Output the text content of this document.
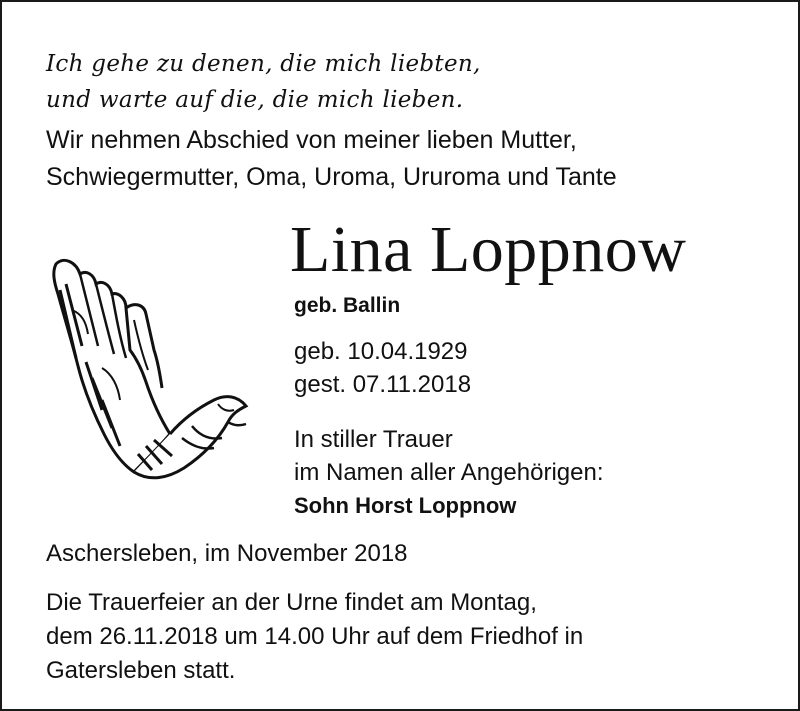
Ich gehe zu denen, die mich liebten,
und warte auf die, die mich lieben.

Wir nehmen Abschied von meiner lieben Mutter,
Schwiegermutter, Oma, Uroma, Ururoma und Tante

Lina Loppnow
geb. Ballin
geb. 10.04.1929
gest. 07.11.2018
In stiller Trauer
im Namen aller Angehörigen:
Sohn Horst Loppnow
Aschersleben, im November 2018
Die Trauerfeier an der Urne findet am Montag,
dem 26.11.2018 um 14.00 Uhr auf dem Friedhof in
Gatersleben statt.
